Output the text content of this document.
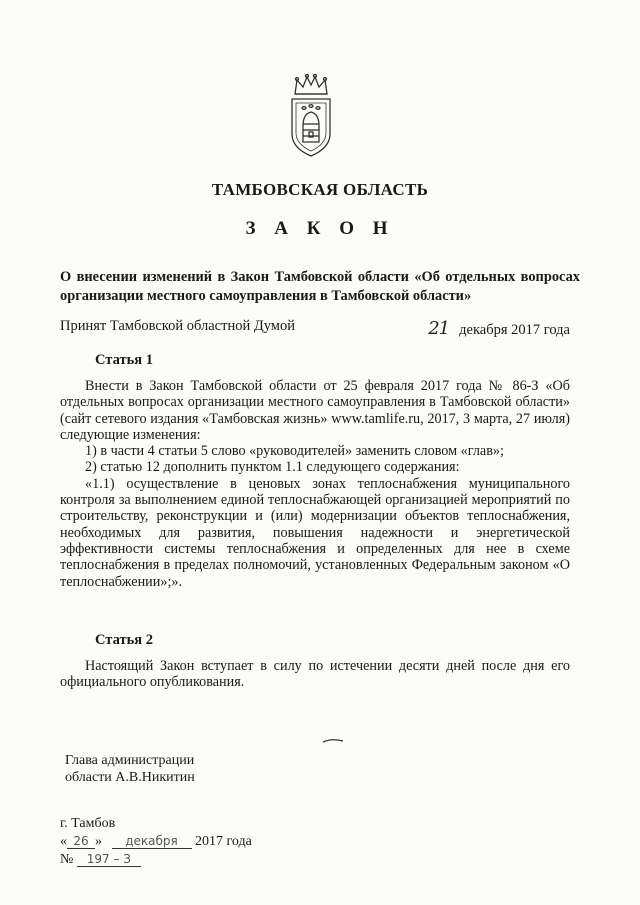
ТАМБОВСКАЯ ОБЛАСТЬ
З А К О Н
О внесении изменений в Закон Тамбовской области «Об отдельных вопросах организации местного самоуправления в Тамбовской области»
Принят Тамбовской областной Думой	21 декабря 2017 года
Статья 1

Внести в Закон Тамбовской области от 25 февраля 2017 года № 86-З «Об отдельных вопросах организации местного самоуправления в Тамбовской области» (сайт сетевого издания «Тамбовская жизнь» www.tamlife.ru, 2017, 3 марта, 27 июля) следующие изменения:

1) в части 4 статьи 5 слово «руководителей» заменить словом «глав»;

2) статью 12 дополнить пунктом 1.1 следующего содержания:

«1.1) осуществление в ценовых зонах теплоснабжения муниципального контроля за выполнением единой теплоснабжающей организацией мероприятий по строительству, реконструкции и (или) модернизации объектов теплоснабжения, необходимых для развития, повышения надежности и энергетической эффективности системы теплоснабжения и определенных для нее в схеме теплоснабжения в пределах полномочий, установленных Федеральным законом «О теплоснабжении»;».

Статья 2

Настоящий Закон вступает в силу по истечении десяти дней после дня его официального опубликования.

Глава администрации
области А.В.Никитин
г. Тамбов
« 26 » декабря 2017 года
№ 197 – З
